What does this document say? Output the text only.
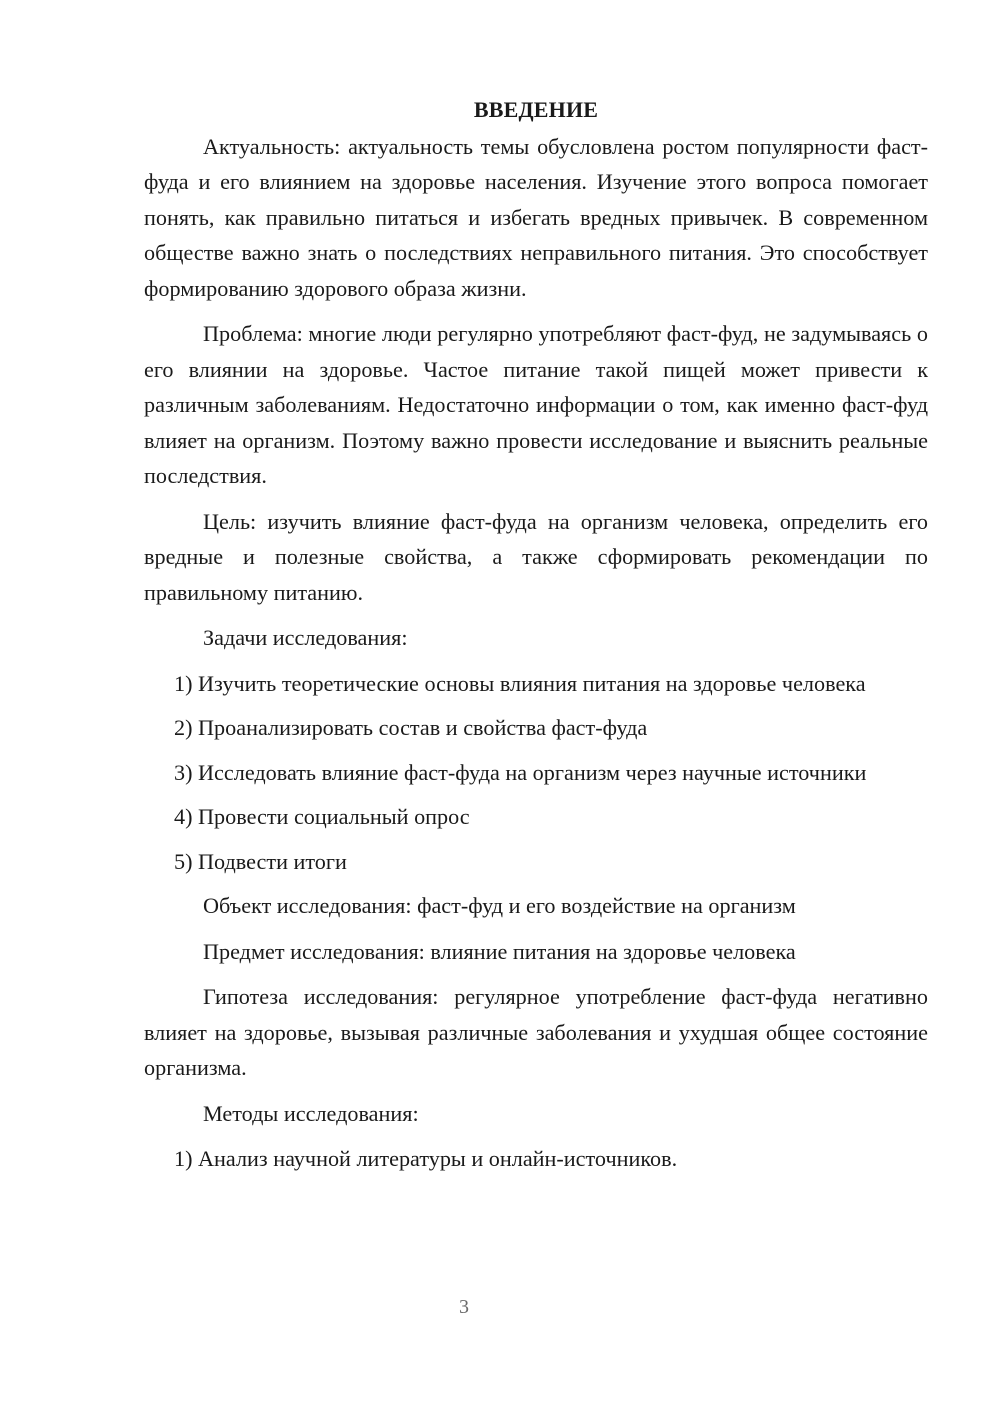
ВВЕДЕНИЕ

Актуальность: актуальность темы обусловлена ростом популярности фаст-фуда и его влиянием на здоровье населения. Изучение этого вопроса помогает понять, как правильно питаться и избегать вредных привычек. В современном обществе важно знать о последствиях неправильного питания. Это способствует формированию здорового образа жизни.

Проблема: многие люди регулярно употребляют фаст-фуд, не задумываясь о его влиянии на здоровье. Частое питание такой пищей может привести к различным заболеваниям. Недостаточно информации о том, как именно фаст-фуд влияет на организм. Поэтому важно провести исследование и выяснить реальные последствия.

Цель: изучить влияние фаст-фуда на организм человека, определить его вредные и полезные свойства, а также сформировать рекомендации по правильному питанию.

Задачи исследования:

1) Изучить теоретические основы влияния питания на здоровье человека

2) Проанализировать состав и свойства фаст-фуда

3) Исследовать влияние фаст-фуда на организм через научные источники

4) Провести социальный опрос

5) Подвести итоги

Объект исследования: фаст-фуд и его воздействие на организм

Предмет исследования: влияние питания на здоровье человека

Гипотеза исследования: регулярное употребление фаст-фуда негативно влияет на здоровье, вызывая различные заболевания и ухудшая общее состояние организма.

Методы исследования:

1) Анализ научной литературы и онлайн-источников.

3
